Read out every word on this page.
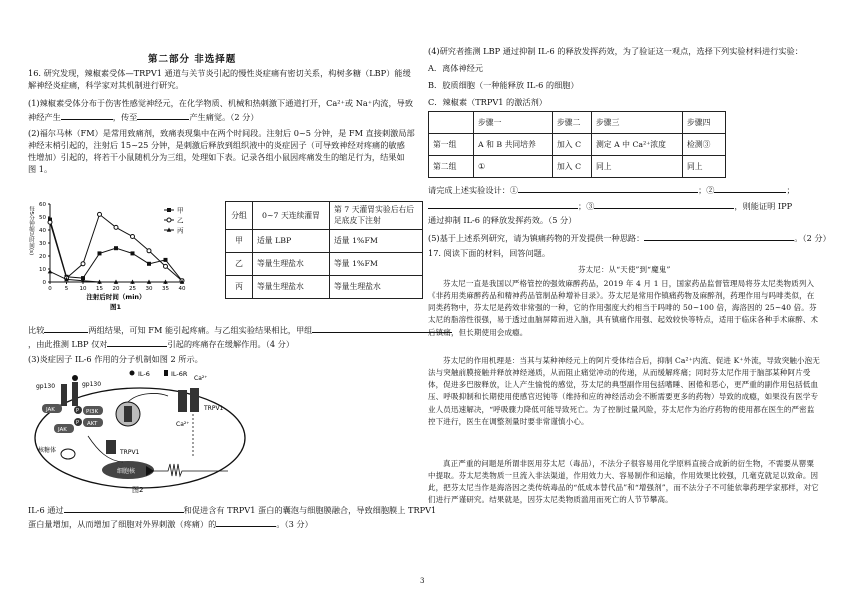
第二部分 非选择题
16. 研究发现，辣椒素受体—TRPV1 通道与关节炎引起的慢性炎症痛有密切关系，构树多糖（LBP）能缓
解神经炎症痛，科学家对其机制进行研究。
(1)辣椒素受体分布于伤害性感觉神经元，在化学物质、机械和热刺激下通道打开，Ca²⁺或 Na⁺内流，导致
神经产生	，传至	产生痛觉。（2 分）
(2)福尔马林（FM）是常用致痛剂，致痛表现集中在两个时间段。注射后 0~5 分钟，是 FM 直接刺激局部
神经末梢引起的，注射后 15~25 分钟，是刺激后释放到组织液中的炎症因子（可导致神经对疼痛的敏感
性增加）引起的，将若干小鼠随机分为三组，处理如下表。记录各组小鼠因疼痛发生的缩足行为，结果如
图 1。
0
10
20
30
40
50
60
0 5 10 15 20 25 30 35 40
注射后时间（min）
每5分钟缩足时间(s)
图1
甲
乙
丙
分组	0~7 天连续灌胃	第 7 天灌胃实验后右后足底皮下注射
甲	适量 LBP	适量 1%FM
乙	等量生理盐水	等量 1%FM
丙	等量生理盐水	等量生理盐水
比较	两组结果，可知 FM 能引起疼痛。与乙组实验结果相比，甲组
，由此推测 LBP 仅对	引起的疼痛存在缓解作用。（4 分）
(3)炎症因子 IL-6 作用的分子机制如图 2 所示。
IL-6	IL-6R
gp130	gp130
JAK	P PI3K
P AKT
JAK
核糖体	TRPV1
细胞核
Ca²⁺
Ca²⁺
TRPV1
图2
IL-6 通过	和促进含有 TRPV1 蛋白的囊泡与细胞膜融合，导致细胞膜上 TRPV1
蛋白量增加，从而增加了细胞对外界刺激（疼痛）的	。（3 分）
3
(4)研究者推测 LBP 通过抑制 IL-6 的释放发挥药效，为了验证这一观点，选择下列实验材料进行实验：
A．离体神经元
B．胶质细胞（一种能释放 IL-6 的细胞）
C．辣椒素（TRPV1 的激活剂）
	步骤一	步骤二	步骤三	步骤四
第一组	A 和 B 共同培养	加入 C	测定 A 中 Ca²⁺浓度	检测③
第二组	①	加入 C	同上	同上
请完成上述实验设计：①	；②	；
；③	，则能证明 IPP
通过抑制 IL-6 的释放发挥药效。（5 分）
(5)基于上述系列研究，请为镇痛药物的开发提供一种思路：	。（2 分）
17. 阅读下面的材料，回答问题。
芬太尼：从“天使”到“魔鬼”
芬太尼一直是我国以严格管控的强效麻醉药品，2019 年 4 月 1 日，国家药品监督管理局将芬太尼类物质列入《非药用类麻醉药品和精神药品管制品种增补目录》。芬太尼是常用作镇痛药物及麻醉剂，药理作用与吗啡类似，在同类药物中，芬太尼是药效非常强的一种，它的作用强度大约相当于吗啡的 50~100 倍，海洛因的 25~40 倍。芬太尼的脂溶性很强，易于透过血脑屏障而进入脑，具有镇痛作用强、起效较快等特点，适用于临床各种手术麻醉、术后镇痛，但长期使用会成瘾。
芬太尼的作用机理是：当其与某种神经元上的阿片受体结合后，抑制 Ca²⁺内流、促进 K⁺外流，导致突触小泡无法与突触前膜接触并释放神经递质，从而阻止痛觉冲动的传递，从而缓解疼痛；同时芬太尼作用于脑部某种阿片受体，促进多巴胺释放，让人产生愉悦的感觉，芬太尼的典型副作用包括嗜睡、困倦和恶心，更严重的副作用包括低血压、呼吸抑制和长期使用使感官迟钝等（维持和应的神经活动会不断需要更多的药物）导致的成瘾，如果没有医学专业人员迅速解决，“呼吸骤力降低可能导致死亡。为了控制过量风险，芬太尼作为治疗药物的使用都在医生的严密监控下进行，医生在调整剂量时要非常谨慎小心。
真正严重的问题是所谓非医用芬太尼（毒品），不法分子很容易用化学原料直接合成新的衍生物，不需要从罂粟中提取。芬太尼类物质一旦流入非法渠道，作用效力大、容易制作和运输，作用效果比较强，几毫克就足以致命。因此，把芬太尼当作是海洛因之类传统毒品的“低成本替代品”和“增强剂”，而不法分子不可能依靠药理学家那样，对它们进行严谨研究。结果就是，因芬太尼类物质滥用而死亡的人节节攀高。
